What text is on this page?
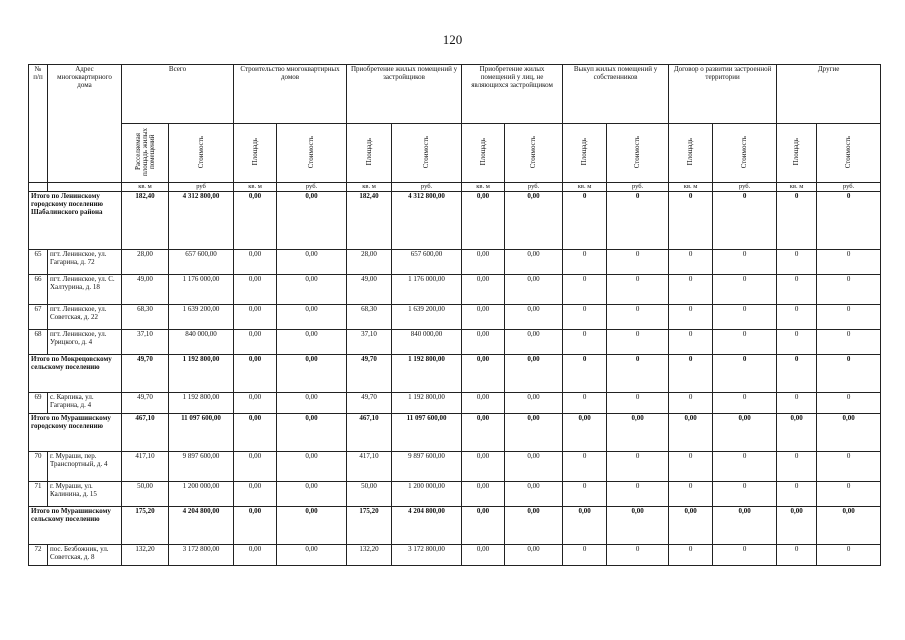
120
№ п/п	Адрес многоквартирного дома	Всего		Строительство многоквартирных домов		Приобретение жилых помещений у застройщиков		Приобретение жилых помещений у лиц, не являющихся застройщиком		Выкуп жилых помещений у собственников		Договор о развитии застроенной территории		Другие	
		Расселяемая площадь жилых помещений	Стоимость	Площадь	Стоимость	Площадь	Стоимость	Площадь	Стоимость	Площадь	Стоимость	Площадь	Стоимость	Площадь	Стоимость
		кв. м	руб	кв. м	руб.	кв. м	руб.	кв. м	руб.	кв. м	руб.	кв. м	руб.	кв. м	руб.
Итого по Ленинскому городскому поселению Шабалинского района		182,40	4 312 800,00	0,00	0,00	182,40	4 312 800,00	0,00	0,00	0	0	0	0	0	0
65	пгт. Ленинское, ул. Гагарина, д. 72	28,00	657 600,00	0,00	0,00	28,00	657 600,00	0,00	0,00	0	0	0	0	0	0
66	пгт. Ленинское, ул. С. Халтурина, д. 18	49,00	1 176 000,00	0,00	0,00	49,00	1 176 000,00	0,00	0,00	0	0	0	0	0	0
67	пгт. Ленинское, ул. Советская, д. 22	68,30	1 639 200,00	0,00	0,00	68,30	1 639 200,00	0,00	0,00	0	0	0	0	0	0
68	пгт. Ленинское, ул. Урицкого, д. 4	37,10	840 000,00	0,00	0,00	37,10	840 000,00	0,00	0,00	0	0	0	0	0	0
Итого по Мокрецовскому сельскому поселению		49,70	1 192 800,00	0,00	0,00	49,70	1 192 800,00	0,00	0,00	0	0	0	0	0	0
69	с. Карпика, ул. Гагарина, д. 4	49,70	1 192 800,00	0,00	0,00	49,70	1 192 800,00	0,00	0,00	0	0	0	0	0	0
Итого по Мурашинскому городскому поселению		467,10	11 097 600,00	0,00	0,00	467,10	11 097 600,00	0,00	0,00	0,00	0,00	0,00	0,00	0,00	0,00
70	г. Мураши, пер. Транспортный, д. 4	417,10	9 897 600,00	0,00	0,00	417,10	9 897 600,00	0,00	0,00	0	0	0	0	0	0
71	г. Мураши, ул. Калинина, д. 15	50,00	1 200 000,00	0,00	0,00	50,00	1 200 000,00	0,00	0,00	0	0	0	0	0	0
Итого по Мурашинскому сельскому поселению		175,20	4 204 800,00	0,00	0,00	175,20	4 204 800,00	0,00	0,00	0,00	0,00	0,00	0,00	0,00	0,00
72	пос. Безбожник, ул. Советская, д. 8	132,20	3 172 800,00	0,00	0,00	132,20	3 172 800,00	0,00	0,00	0	0	0	0	0	0
